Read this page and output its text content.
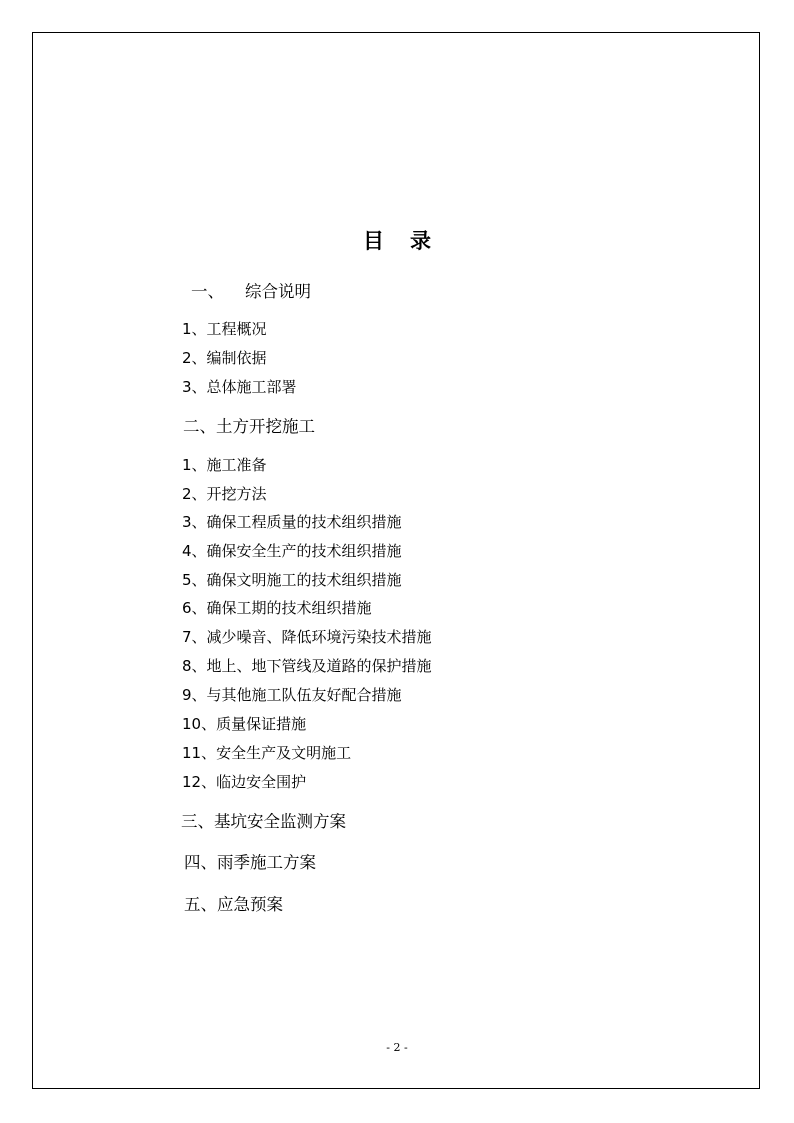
目 录
一、 综合说明
1、工程概况
2、编制依据
3、总体施工部署
二、土方开挖施工
1、施工准备
2、开挖方法
3、确保工程质量的技术组织措施
4、确保安全生产的技术组织措施
5、确保文明施工的技术组织措施
6、确保工期的技术组织措施
7、减少噪音、降低环境污染技术措施
8、地上、地下管线及道路的保护措施
9、与其他施工队伍友好配合措施
10、质量保证措施
11、安全生产及文明施工
12、临边安全围护
三、基坑安全监测方案
四、雨季施工方案
五、应急预案
- 2 -
